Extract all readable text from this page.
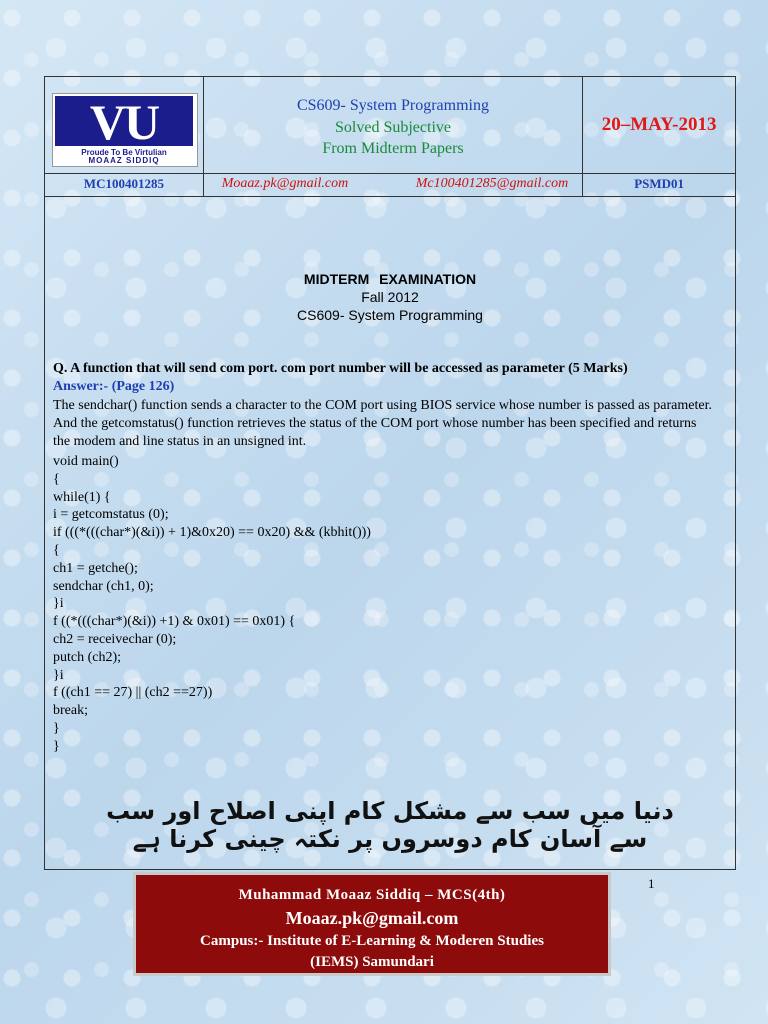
VU
Proude To Be Virtulian
MOAAZ SIDDIQ
CS609- System Programming
Solved Subjective
From Midterm Papers
20–MAY-2013
MC100401285	Moaaz.pk@gmail.com	Mc100401285@gmail.com	PSMD01
MIDTERM EXAMINATION
Fall 2012
CS609- System Programming
Q. A function that will send com port. com port number will be accessed as parameter (5 Marks)
Answer:- (Page 126)
The sendchar() function sends a character to the COM port using BIOS service whose number is passed as parameter. And the getcomstatus() function retrieves the status of the COM port whose number has been specified and returns the modem and line status in an unsigned int.
void main()
{
while(1) {
i = getcomstatus (0);
if (((*(((char*)(&i)) + 1)&0x20) == 0x20) && (kbhit()))
{
ch1 = getche();
sendchar (ch1, 0);
}i
f ((*(((char*)(&i)) +1) & 0x01) == 0x01) {
ch2 = receivechar (0);
putch (ch2);
}i
f ((ch1 == 27) || (ch2 ==27))
break;
}
}
دنیا میں سب سے مشکل کام اپنی اصلاح اور سب سے آسان کام دوسروں پر نکتہ چینی کرنا ہے
1
Muhammad Moaaz Siddiq – MCS(4th)
Moaaz.pk@gmail.com
Campus:- Institute of E-Learning & Moderen Studies
(IEMS) Samundari
